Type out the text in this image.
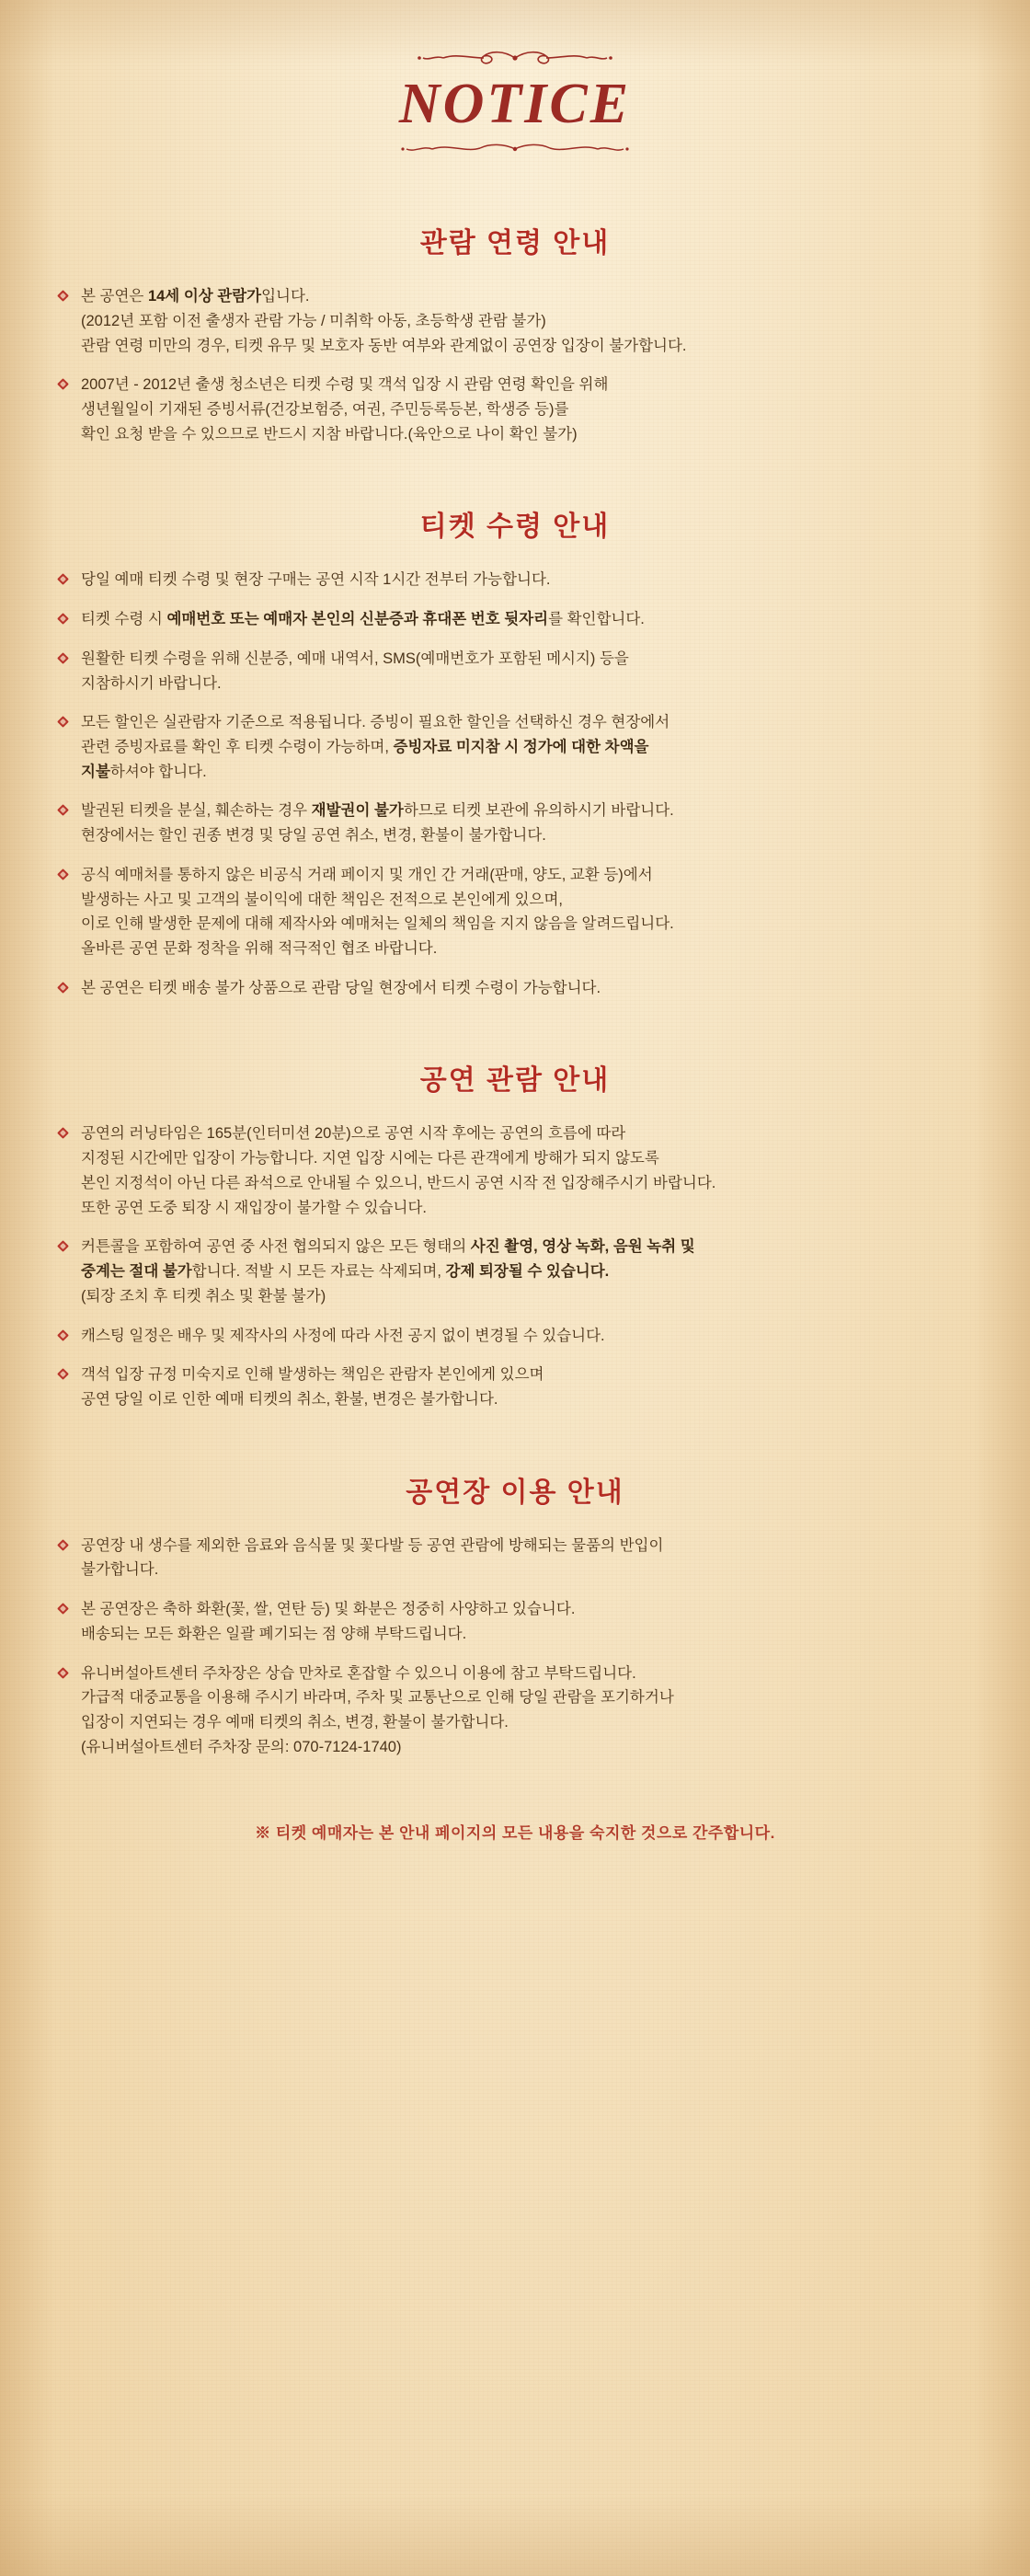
NOTICE
관람 연령 안내
본 공연은 14세 이상 관람가입니다.
(2012년 포함 이전 출생자 관람 가능 / 미취학 아동, 초등학생 관람 불가)
관람 연령 미만의 경우, 티켓 유무 및 보호자 동반 여부와 관계없이 공연장 입장이 불가합니다.
2007년 ‑ 2012년 출생 청소년은 티켓 수령 및 객석 입장 시 관람 연령 확인을 위해
생년월일이 기재된 증빙서류(건강보험증, 여권, 주민등록등본, 학생증 등)를
확인 요청 받을 수 있으므로 반드시 지참 바랍니다.(육안으로 나이 확인 불가)
티켓 수령 안내
당일 예매 티켓 수령 및 현장 구매는 공연 시작 1시간 전부터 가능합니다.
티켓 수령 시 예매번호 또는 예매자 본인의 신분증과 휴대폰 번호 뒷자리를 확인합니다.
원활한 티켓 수령을 위해 신분증, 예매 내역서, SMS(예매번호가 포함된 메시지) 등을
지참하시기 바랍니다.
모든 할인은 실관람자 기준으로 적용됩니다. 증빙이 필요한 할인을 선택하신 경우 현장에서
관련 증빙자료를 확인 후 티켓 수령이 가능하며, 증빙자료 미지참 시 정가에 대한 차액을
지불하셔야 합니다.
발권된 티켓을 분실, 훼손하는 경우 재발권이 불가하므로 티켓 보관에 유의하시기 바랍니다.
현장에서는 할인 권종 변경 및 당일 공연 취소, 변경, 환불이 불가합니다.
공식 예매처를 통하지 않은 비공식 거래 페이지 및 개인 간 거래(판매, 양도, 교환 등)에서
발생하는 사고 및 고객의 불이익에 대한 책임은 전적으로 본인에게 있으며,
이로 인해 발생한 문제에 대해 제작사와 예매처는 일체의 책임을 지지 않음을 알려드립니다.
올바른 공연 문화 정착을 위해 적극적인 협조 바랍니다.
본 공연은 티켓 배송 불가 상품으로 관람 당일 현장에서 티켓 수령이 가능합니다.
공연 관람 안내
공연의 러닝타임은 165분(인터미션 20분)으로 공연 시작 후에는 공연의 흐름에 따라
지정된 시간에만 입장이 가능합니다. 지연 입장 시에는 다른 관객에게 방해가 되지 않도록
본인 지정석이 아닌 다른 좌석으로 안내될 수 있으니, 반드시 공연 시작 전 입장해주시기 바랍니다.
또한 공연 도중 퇴장 시 재입장이 불가할 수 있습니다.
커튼콜을 포함하여 공연 중 사전 협의되지 않은 모든 형태의 사진 촬영, 영상 녹화, 음원 녹취 및
중계는 절대 불가합니다. 적발 시 모든 자료는 삭제되며, 강제 퇴장될 수 있습니다.
(퇴장 조치 후 티켓 취소 및 환불 불가)
캐스팅 일정은 배우 및 제작사의 사정에 따라 사전 공지 없이 변경될 수 있습니다.
객석 입장 규정 미숙지로 인해 발생하는 책임은 관람자 본인에게 있으며
공연 당일 이로 인한 예매 티켓의 취소, 환불, 변경은 불가합니다.
공연장 이용 안내
공연장 내 생수를 제외한 음료와 음식물 및 꽃다발 등 공연 관람에 방해되는 물품의 반입이
불가합니다.
본 공연장은 축하 화환(꽃, 쌀, 연탄 등) 및 화분은 정중히 사양하고 있습니다.
배송되는 모든 화환은 일괄 폐기되는 점 양해 부탁드립니다.
유니버설아트센터 주차장은 상습 만차로 혼잡할 수 있으니 이용에 참고 부탁드립니다.
가급적 대중교통을 이용해 주시기 바라며, 주차 및 교통난으로 인해 당일 관람을 포기하거나
입장이 지연되는 경우 예매 티켓의 취소, 변경, 환불이 불가합니다.
(유니버설아트센터 주차장 문의: 070-7124-1740)
※ 티켓 예매자는 본 안내 페이지의 모든 내용을 숙지한 것으로 간주합니다.
